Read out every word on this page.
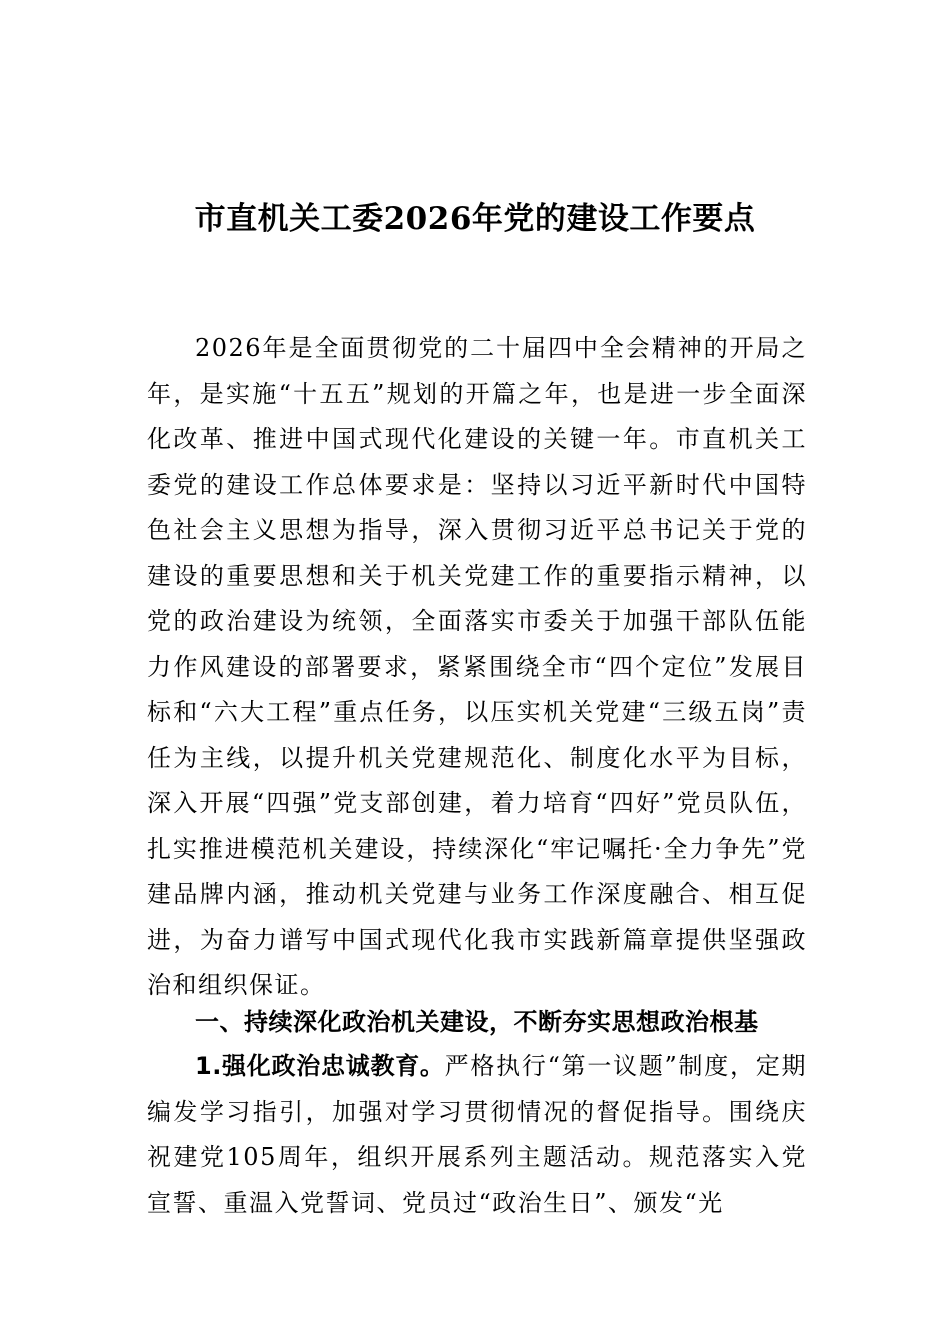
市直机关工委2026年党的建设工作要点

2026年是全面贯彻党的二十届四中全会精神的开局之年，是实施“十五五”规划的开篇之年，也是进一步全面深化改革、推进中国式现代化建设的关键一年。市直机关工委党的建设工作总体要求是：坚持以习近平新时代中国特色社会主义思想为指导，深入贯彻习近平总书记关于党的建设的重要思想和关于机关党建工作的重要指示精神，以党的政治建设为统领，全面落实市委关于加强干部队伍能力作风建设的部署要求，紧紧围绕全市“四个定位”发展目标和“六大工程”重点任务，以压实机关党建“三级五岗”责任为主线，以提升机关党建规范化、制度化水平为目标，深入开展“四强”党支部创建，着力培育“四好”党员队伍，扎实推进模范机关建设，持续深化“牢记嘱托·全力争先”党建品牌内涵，推动机关党建与业务工作深度融合、相互促进，为奋力谱写中国式现代化我市实践新篇章提供坚强政治和组织保证。

一、持续深化政治机关建设，不断夯实思想政治根基

1.强化政治忠诚教育。严格执行“第一议题”制度，定期编发学习指引，加强对学习贯彻情况的督促指导。围绕庆祝建党105周年，组织开展系列主题活动。规范落实入党宣誓、重温入党誓词、党员过“政治生日”、颁发“光
